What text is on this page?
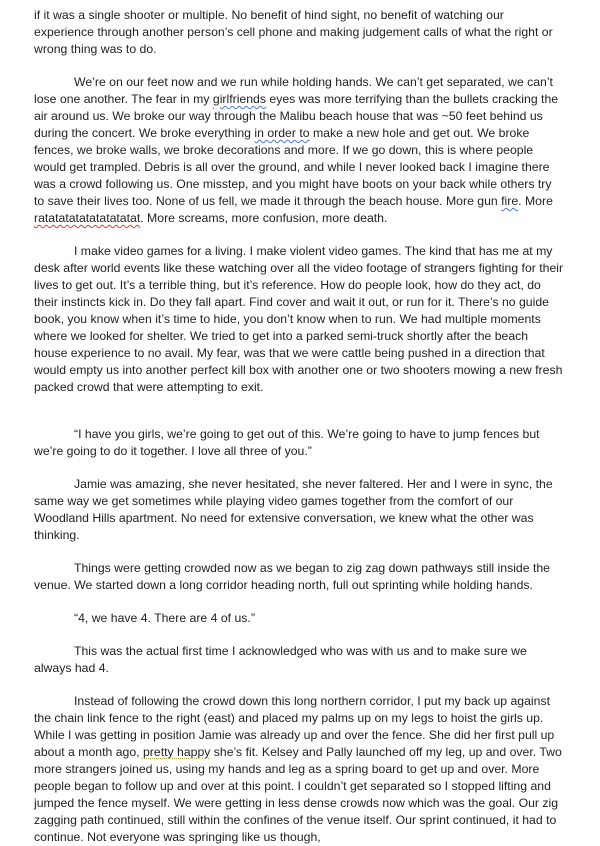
if it was a single shooter or multiple. No benefit of hind sight, no benefit of watching our experience through another person’s cell phone and making judgement calls of what the right or wrong thing was to do.

We’re on our feet now and we run while holding hands. We can’t get separated, we can’t lose one another. The fear in my girlfriends eyes was more terrifying than the bullets cracking the air around us. We broke our way through the Malibu beach house that was ~50 feet behind us during the concert. We broke everything in order to make a new hole and get out. We broke fences, we broke walls, we broke decorations and more. If we go down, this is where people would get trampled. Debris is all over the ground, and while I never looked back I imagine there was a crowd following us. One misstep, and you might have boots on your back while others try to save their lives too. None of us fell, we made it through the beach house. More gun fire. More ratatatatatatatatatat. More screams, more confusion, more death.

I make video games for a living. I make violent video games. The kind that has me at my desk after world events like these watching over all the video footage of strangers fighting for their lives to get out. It’s a terrible thing, but it’s reference. How do people look, how do they act, do their instincts kick in. Do they fall apart. Find cover and wait it out, or run for it. There’s no guide book, you know when it’s time to hide, you don’t know when to run. We had multiple moments where we looked for shelter. We tried to get into a parked semi-truck shortly after the beach house experience to no avail. My fear, was that we were cattle being pushed in a direction that would empty us into another perfect kill box with another one or two shooters mowing a new fresh packed crowd that were attempting to exit.

“I have you girls, we’re going to get out of this. We’re going to have to jump fences but we’re going to do it together. I love all three of you.”

Jamie was amazing, she never hesitated, she never faltered. Her and I were in sync, the same way we get sometimes while playing video games together from the comfort of our Woodland Hills apartment. No need for extensive conversation, we knew what the other was thinking.

Things were getting crowded now as we began to zig zag down pathways still inside the venue. We started down a long corridor heading north, full out sprinting while holding hands.

“4, we have 4. There are 4 of us.”

This was the actual first time I acknowledged who was with us and to make sure we always had 4.

Instead of following the crowd down this long northern corridor, I put my back up against the chain link fence to the right (east) and placed my palms up on my legs to hoist the girls up. While I was getting in position Jamie was already up and over the fence. She did her first pull up about a month ago, pretty happy she’s fit. Kelsey and Pally launched off my leg, up and over. Two more strangers joined us, using my hands and leg as a spring board to get up and over. More people began to follow up and over at this point. I couldn’t get separated so I stopped lifting and jumped the fence myself. We were getting in less dense crowds now which was the goal. Our zig zagging path continued, still within the confines of the venue itself. Our sprint continued, it had to continue. Not everyone was springing like us though,
